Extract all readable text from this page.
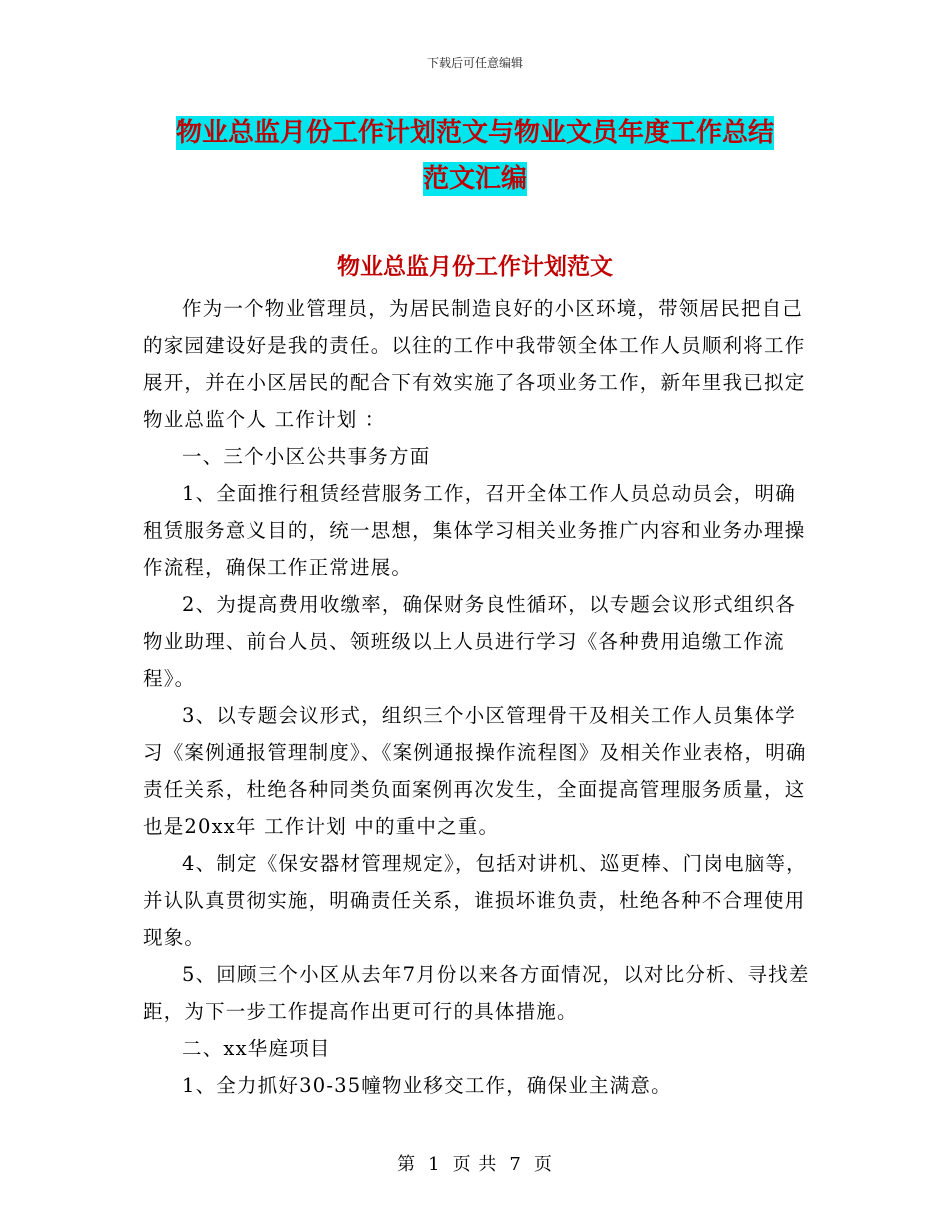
下载后可任意编辑
物业总监月份工作计划范文与物业文员年度工作总结
范文汇编
物业总监月份工作计划范文

作为一个物业管理员，为居民制造良好的小区环境，带领居民把自己的家园建设好是我的责任。以往的工作中我带领全体工作人员顺利将工作展开，并在小区居民的配合下有效实施了各项业务工作，新年里我已拟定物业总监个人 工作计划 ：

一、三个小区公共事务方面

1、全面推行租赁经营服务工作，召开全体工作人员总动员会，明确租赁服务意义目的，统一思想，集体学习相关业务推广内容和业务办理操作流程，确保工作正常进展。

2、为提高费用收缴率，确保财务良性循环，以专题会议形式组织各物业助理、前台人员、领班级以上人员进行学习《各种费用追缴工作流程》。

3、以专题会议形式，组织三个小区管理骨干及相关工作人员集体学习《案例通报管理制度》、《案例通报操作流程图》及相关作业表格，明确责任关系，杜绝各种同类负面案例再次发生，全面提高管理服务质量，这也是20xx年 工作计划 中的重中之重。

4、制定《保安器材管理规定》，包括对讲机、巡更棒、门岗电脑等，并认队真贯彻实施，明确责任关系，谁损坏谁负责，杜绝各种不合理使用现象。

5、回顾三个小区从去年7月份以来各方面情况，以对比分析、寻找差距，为下一步工作提高作出更可行的具体措施。

二、xx华庭项目

1、全力抓好30-35幢物业移交工作，确保业主满意。

第 1 页 共 7 页
